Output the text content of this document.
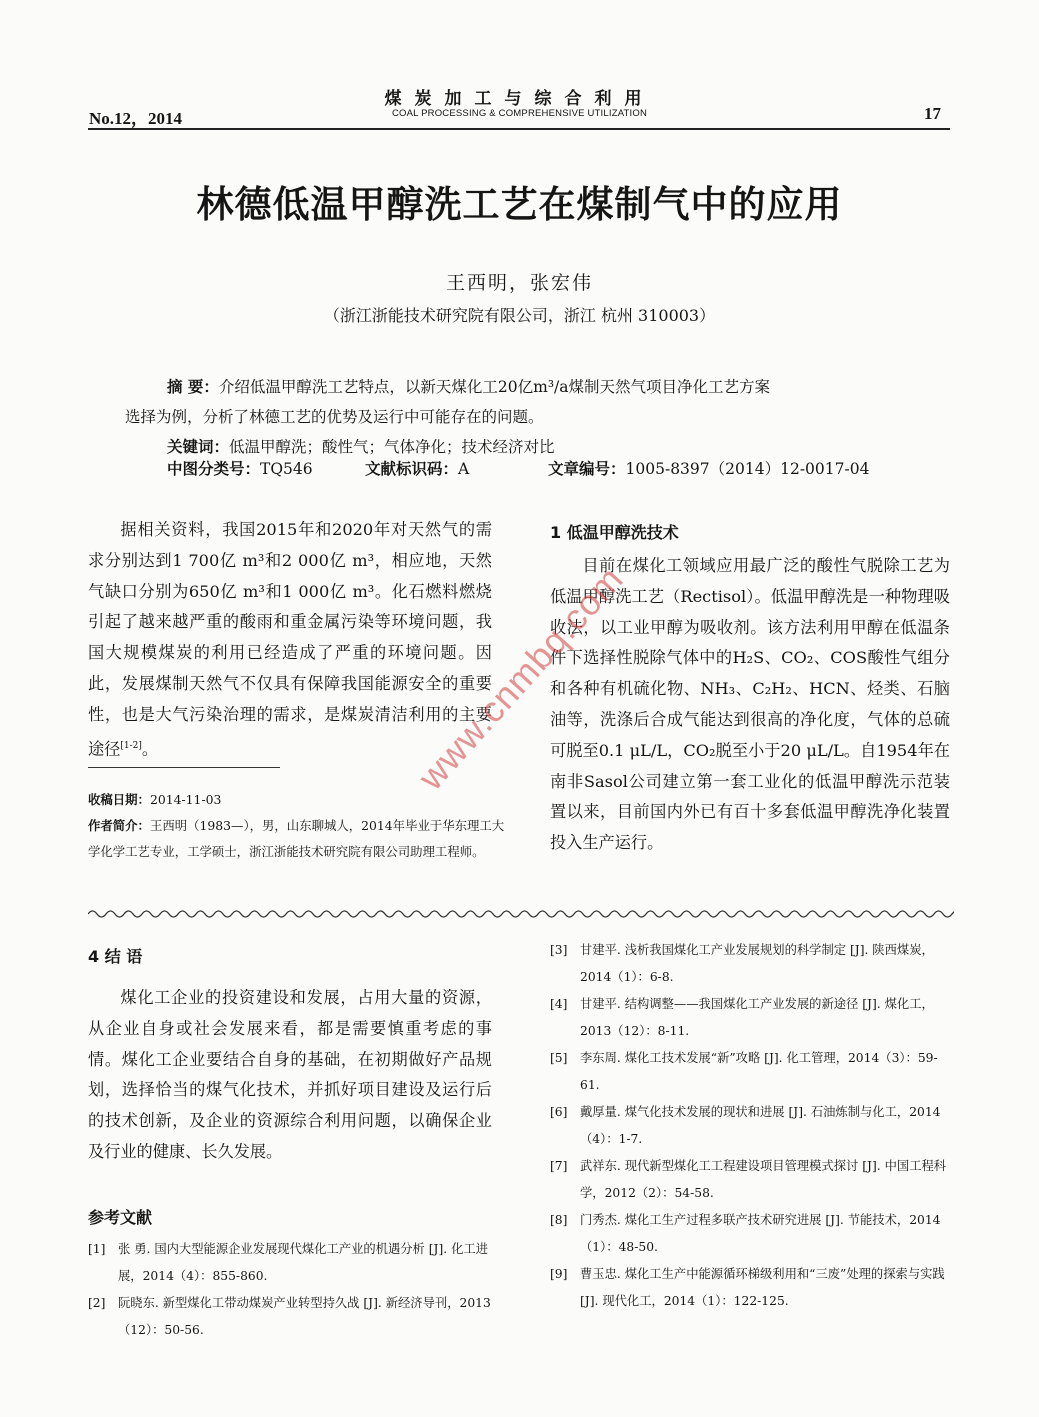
煤炭加工与综合利用
COAL PROCESSING & COMPREHENSIVE UTILIZATION
No.12，2014	17
林德低温甲醇洗工艺在煤制气中的应用
王西明，张宏伟
（浙江浙能技术研究院有限公司，浙江 杭州 310003）
摘 要：介绍低温甲醇洗工艺特点，以新天煤化工20亿m³/a煤制天然气项目净化工艺方案
选择为例，分析了林德工艺的优势及运行中可能存在的问题。
关键词：低温甲醇洗；酸性气；气体净化；技术经济对比
中图分类号：TQ546	文献标识码：A	文章编号：1005-8397（2014）12-0017-04

据相关资料，我国2015年和2020年对天然气的需求分别达到1 700亿 m³和2 000亿 m³，相应地，天然气缺口分别为650亿 m³和1 000亿 m³。化石燃料燃烧引起了越来越严重的酸雨和重金属污染等环境问题，我国大规模煤炭的利用已经造成了严重的环境问题。因此，发展煤制天然气不仅具有保障我国能源安全的重要性，也是大气污染治理的需求，是煤炭清洁利用的主要途径[1-2]。

收稿日期：2014-11-03
作者简介：王西明（1983—），男，山东聊城人，2014年毕业于华东理工大学化学工艺专业，工学硕士，浙江浙能技术研究院有限公司助理工程师。
1 低温甲醇洗技术

目前在煤化工领域应用最广泛的酸性气脱除工艺为低温甲醇洗工艺（Rectisol）。低温甲醇洗是一种物理吸收法，以工业甲醇为吸收剂。该方法利用甲醇在低温条件下选择性脱除气体中的H₂S、CO₂、COS酸性气组分和各种有机硫化物、NH₃、C₂H₂、HCN、烃类、石脑油等，洗涤后合成气能达到很高的净化度，气体的总硫可脱至0.1 μL/L，CO₂脱至小于20 μL/L。自1954年在南非Sasol公司建立第一套工业化的低温甲醇洗示范装置以来，目前国内外已有百十多套低温甲醇洗净化装置投入生产运行。

4 结 语

煤化工企业的投资建设和发展，占用大量的资源，从企业自身或社会发展来看，都是需要慎重考虑的事情。煤化工企业要结合自身的基础，在初期做好产品规划，选择恰当的煤气化技术，并抓好项目建设及运行后的技术创新，及企业的资源综合利用问题，以确保企业及行业的健康、长久发展。

参考文献
[1] 张 勇. 国内大型能源企业发展现代煤化工产业的机遇分析 [J]. 化工进展，2014（4）：855-860.
[2] 阮晓东. 新型煤化工带动煤炭产业转型持久战 [J]. 新经济导刊，2013（12）：50-56.
[3] 甘建平. 浅析我国煤化工产业发展规划的科学制定 [J]. 陕西煤炭，2014（1）：6-8.
[4] 甘建平. 结构调整——我国煤化工产业发展的新途径 [J]. 煤化工，2013（12）：8-11.
[5] 李东周. 煤化工技术发展“新”攻略 [J]. 化工管理，2014（3）：59-61.
[6] 戴厚量. 煤气化技术发展的现状和进展 [J]. 石油炼制与化工，2014（4）：1-7.
[7] 武祥东. 现代新型煤化工工程建设项目管理模式探讨 [J]. 中国工程科学，2012（2）：54-58.
[8] 门秀杰. 煤化工生产过程多联产技术研究进展 [J]. 节能技术，2014（1）：48-50.
[9] 曹玉忠. 煤化工生产中能源循环梯级利用和“三废”处理的探索与实践 [J]. 现代化工，2014（1）：122-125.
www.cnmbq.com
